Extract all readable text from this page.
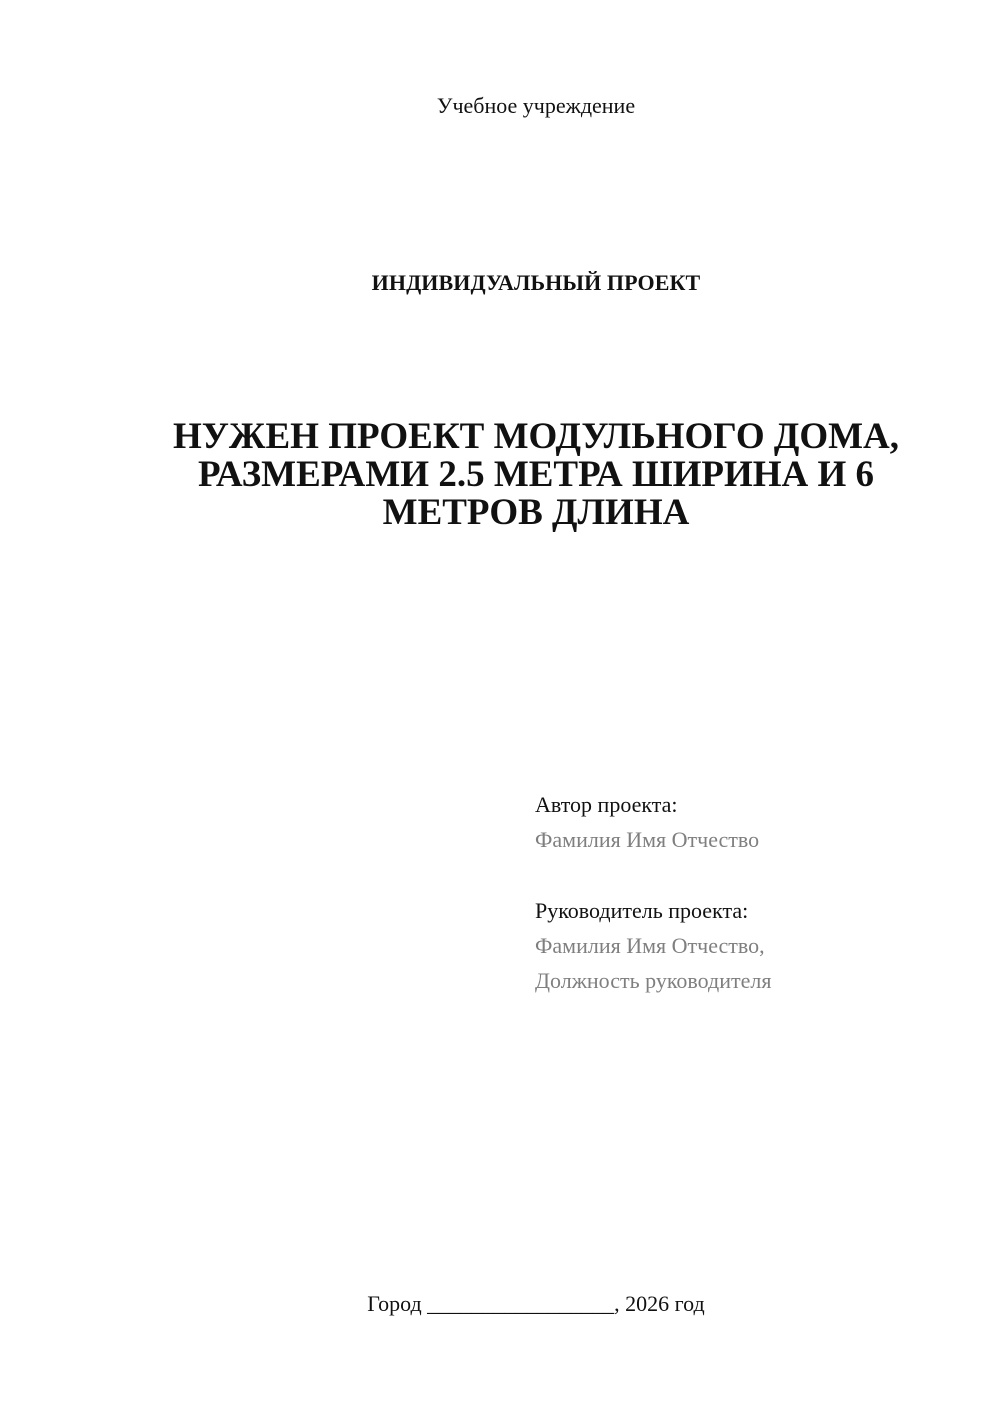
Учебное учреждение
ИНДИВИДУАЛЬНЫЙ ПРОЕКТ
НУЖЕН ПРОЕКТ МОДУЛЬНОГО ДОМА,
РАЗМЕРАМИ 2.5 МЕТРА ШИРИНА И 6
МЕТРОВ ДЛИНА
Автор проекта:
Фамилия Имя Отчество
Руководитель проекта:
Фамилия Имя Отчество,
Должность руководителя
Город _________________, 2026 год
